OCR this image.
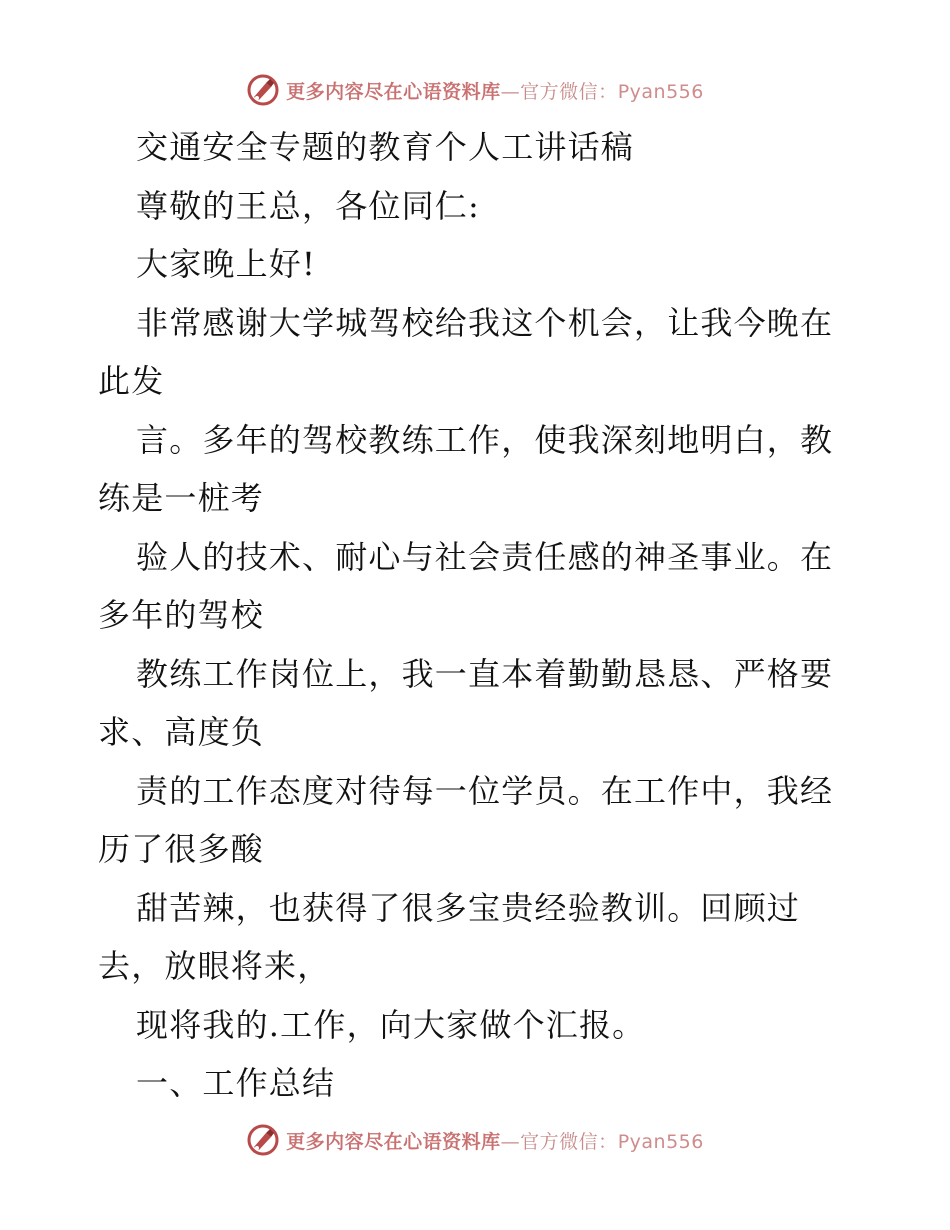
更多内容尽在心语资料库—官方微信：Pyan556
交通安全专题的教育个人工讲话稿
尊敬的王总，各位同仁:
大家晚上好!
非常感谢大学城驾校给我这个机会，让我今晚在
此发
言。多年的驾校教练工作，使我深刻地明白，教
练是一桩考
验人的技术、耐心与社会责任感的神圣事业。在
多年的驾校
教练工作岗位上，我一直本着勤勤恳恳、严格要
求、高度负
责的工作态度对待每一位学员。在工作中，我经
历了很多酸
甜苦辣，也获得了很多宝贵经验教训。回顾过
去，放眼将来，
现将我的.工作，向大家做个汇报。
一、工作总结
更多内容尽在心语资料库—官方微信：Pyan556
